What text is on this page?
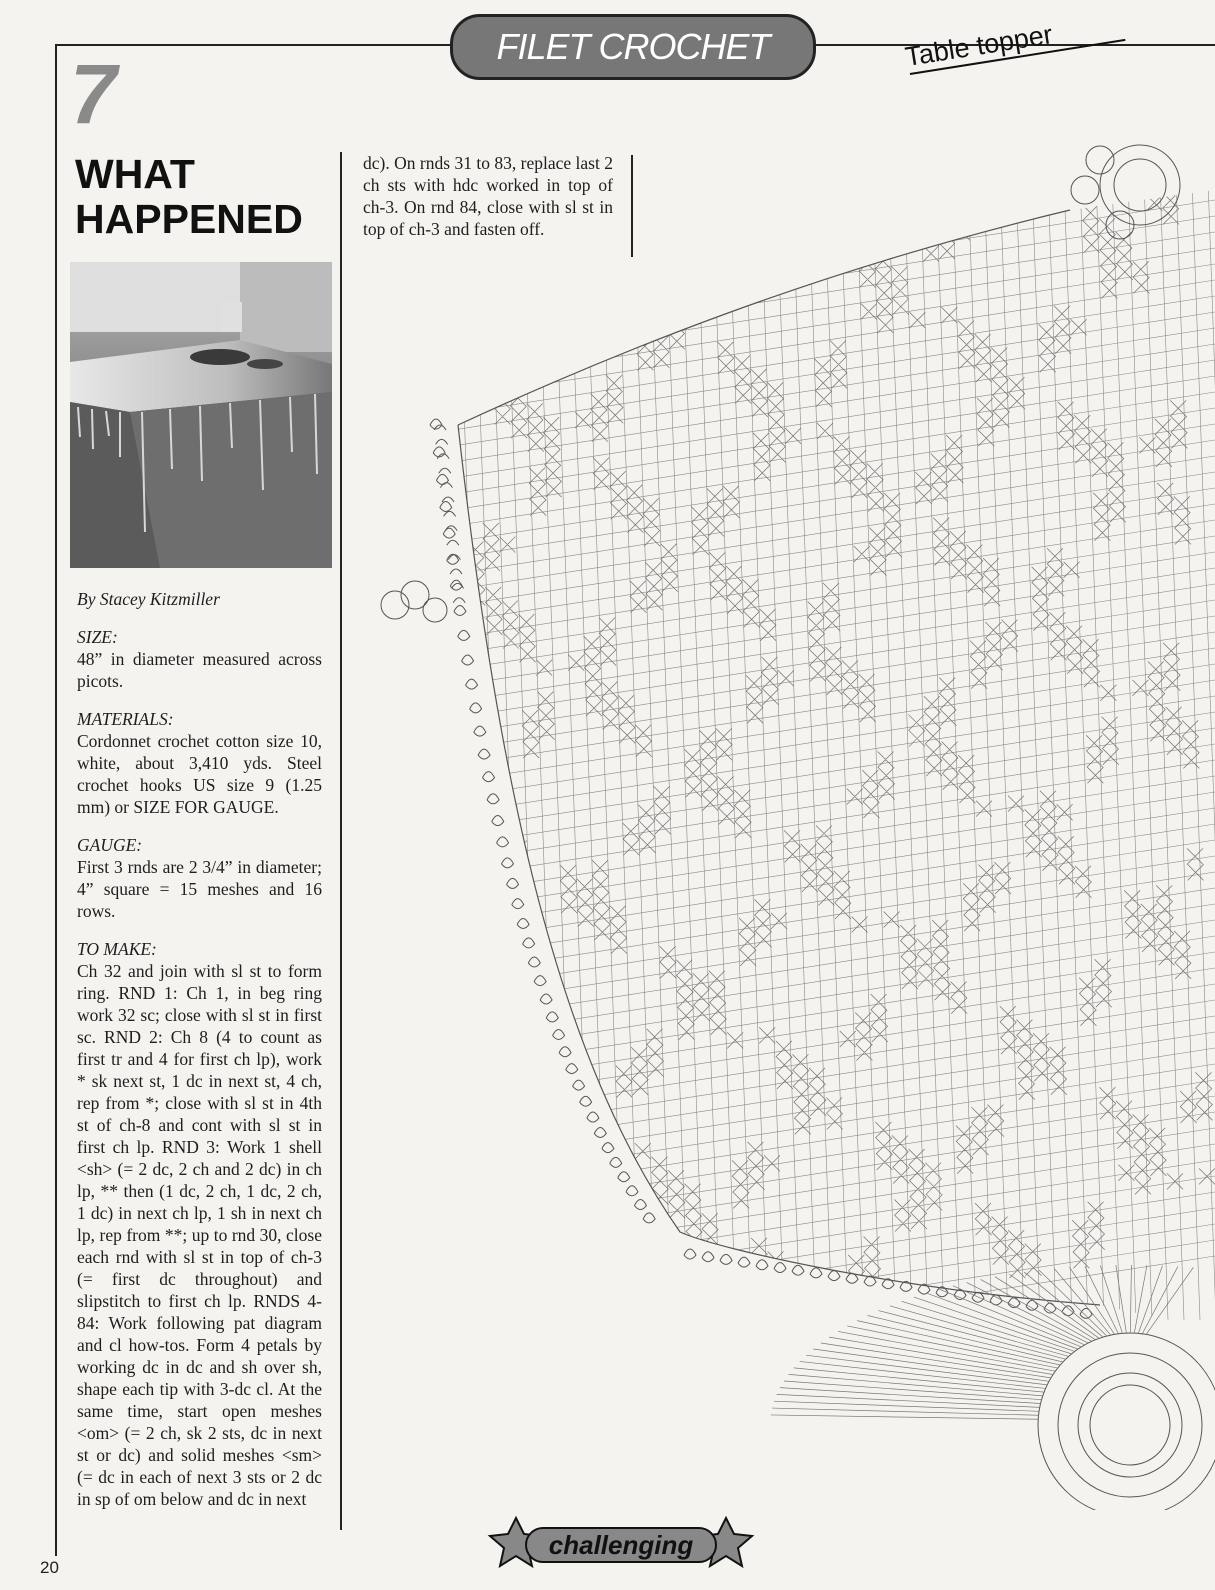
FILET CROCHET	Table topper
7
WHAT
HAPPENED
By Stacey Kitzmiller
SIZE:
48” in diameter measured across picots.
MATERIALS:
Cordonnet crochet cotton size 10, white, about 3,410 yds. Steel crochet hooks US size 9 (1.25 mm) or SIZE FOR GAUGE.
GAUGE:
First 3 rnds are 2 3/4” in diameter; 4” square = 15 meshes and 16 rows.
TO MAKE:
Ch 32 and join with sl st to form ring. RND 1: Ch 1, in beg ring work 32 sc; close with sl st in first sc. RND 2: Ch 8 (4 to count as first tr and 4 for first ch lp), work * sk next st, 1 dc in next st, 4 ch, rep from *; close with sl st in 4th st of ch-8 and cont with sl st in first ch lp. RND 3: Work 1 shell <sh> (= 2 dc, 2 ch and 2 dc) in ch lp, ** then (1 dc, 2 ch, 1 dc, 2 ch, 1 dc) in next ch lp, 1 sh in next ch lp, rep from **; up to rnd 30, close each rnd with sl st in top of ch-3 (= first dc throughout) and slipstitch to first ch lp. RNDS 4-84: Work following pat diagram and cl how-tos. Form 4 petals by working dc in dc and sh over sh, shape each tip with 3-dc cl. At the same time, start open meshes <om> (= 2 ch, sk 2 sts, dc in next st or dc) and solid meshes <sm> (= dc in each of next 3 sts or 2 dc in sp of om below and dc in next
dc). On rnds 31 to 83, replace last 2 ch sts with hdc worked in top of ch-3. On rnd 84, close with sl st in top of ch-3 and fasten off.
challenging
20
